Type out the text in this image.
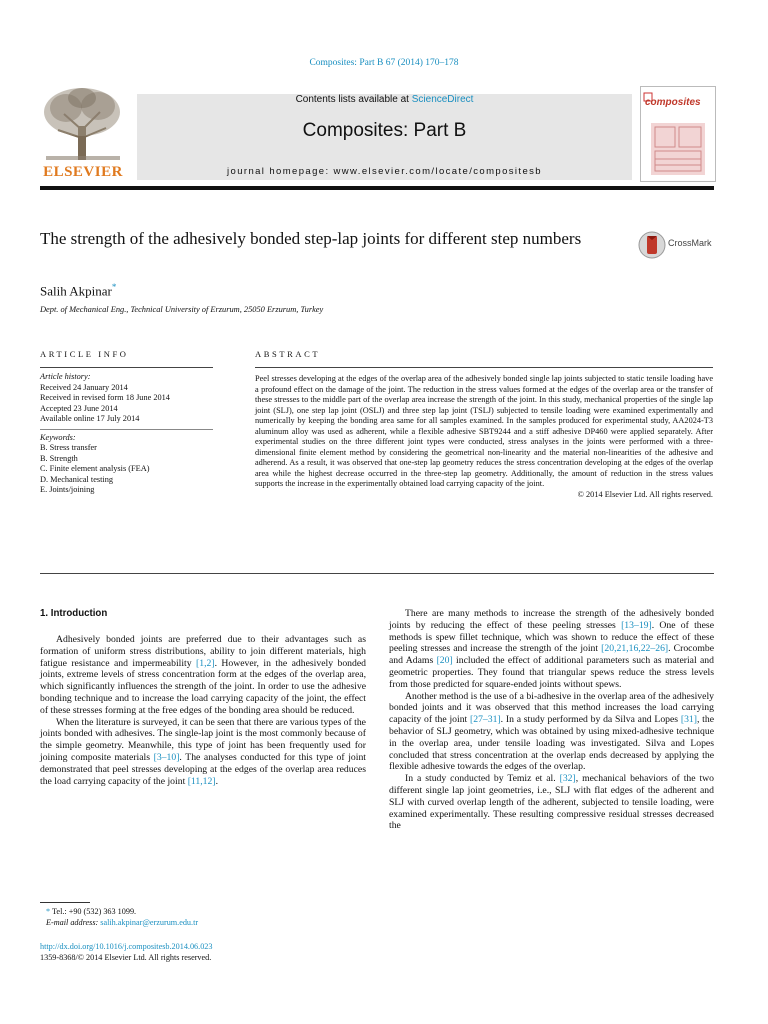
Composites: Part B 67 (2014) 170–178
ELSEVIER
Contents lists available at ScienceDirect
Composites: Part B
journal homepage: www.elsevier.com/locate/compositesb
composites
The strength of the adhesively bonded step-lap joints for different step numbers	CrossMark
Salih Akpinar*
Dept. of Mechanical Eng., Technical University of Erzurum, 25050 Erzurum, Turkey
ARTICLE INFO
Article history:
Received 24 January 2014
Received in revised form 18 June 2014
Accepted 23 June 2014
Available online 17 July 2014
Keywords:
B. Stress transfer
B. Strength
C. Finite element analysis (FEA)
D. Mechanical testing
E. Joints/joining
ABSTRACT
Peel stresses developing at the edges of the overlap area of the adhesively bonded single lap joints subjected to static tensile loading have a profound effect on the damage of the joint. The reduction in the stress values formed at the edges of the overlap area or the transfer of these stresses to the middle part of the overlap area increase the strength of the joint. In this study, mechanical properties of the single lap joint (SLJ), one step lap joint (OSLJ) and three step lap joint (TSLJ) subjected to tensile loading were examined experimentally and numerically by keeping the bonding area same for all samples examined. In the samples produced for experimental study, AA2024-T3 aluminum alloy was used as adherent, while a flexible adhesive SBT9244 and a stiff adhesive DP460 were applied separately. After experimental studies on the three different joint types were conducted, stress analyses in the joints were performed with a three-dimensional finite element method by considering the geometrical non-linearity and the material non-linearities of the adhesive and adherend. As a result, it was observed that one-step lap geometry reduces the stress concentration developing at the edges of the overlap area while the highest decrease occurred in the three-step lap geometry. Additionally, the amount of reduction in the stress values supports the increase in the experimentally obtained load carrying capacity of the joint.
© 2014 Elsevier Ltd. All rights reserved.
1. Introduction

Adhesively bonded joints are preferred due to their advantages such as formation of uniform stress distributions, ability to join different materials, high fatigue resistance and impermeability [1,2]. However, in the adhesively bonded joints, extreme levels of stress concentration form at the edges of the overlap area, which significantly influences the strength of the joint. In order to use the adhesive bonding technique and to increase the load carrying capacity of the joint, the effect of these stresses forming at the free edges of the bonding area should be reduced.

When the literature is surveyed, it can be seen that there are various types of the joints bonded with adhesives. The single-lap joint is the most commonly because of the simple geometry. Meanwhile, this type of joint has been frequently used for joining composite materials [3–10]. The analyses conducted for this type of joint demonstrated that peel stresses developing at the edges of the overlap area reduces the load carrying capacity of the joint [11,12].

* Tel.: +90 (532) 363 1099.
E-mail address: salih.akpinar@erzurum.edu.tr
http://dx.doi.org/10.1016/j.compositesb.2014.06.023
1359-8368/© 2014 Elsevier Ltd. All rights reserved.

There are many methods to increase the strength of the adhesively bonded joints by reducing the effect of these peeling stresses [13–19]. One of these methods is spew fillet technique, which was shown to reduce the effect of these peeling stresses and increase the strength of the joint [20,21,16,22–26]. Crocombe and Adams [20] included the effect of additional parameters such as material and geometric properties. They found that triangular spews reduce the stress levels from those predicted for square-ended joints without spews.

Another method is the use of a bi-adhesive in the overlap area of the adhesively bonded joints and it was observed that this method increases the load carrying capacity of the joint [27–31]. In a study performed by da Silva and Lopes [31], the behavior of SLJ geometry, which was obtained by using mixed-adhesive technique in the overlap area, under tensile loading was investigated. Silva and Lopes concluded that stress concentration at the overlap ends decreased by applying the flexible adhesive towards the edges of the overlap.

In a study conducted by Temiz et al. [32], mechanical behaviors of the two different single lap joint geometries, i.e., SLJ with flat edges of the adherent and SLJ with curved overlap length of the adherent, subjected to tensile loading, were examined experimentally. These resulting compressive residual stresses decreased the
